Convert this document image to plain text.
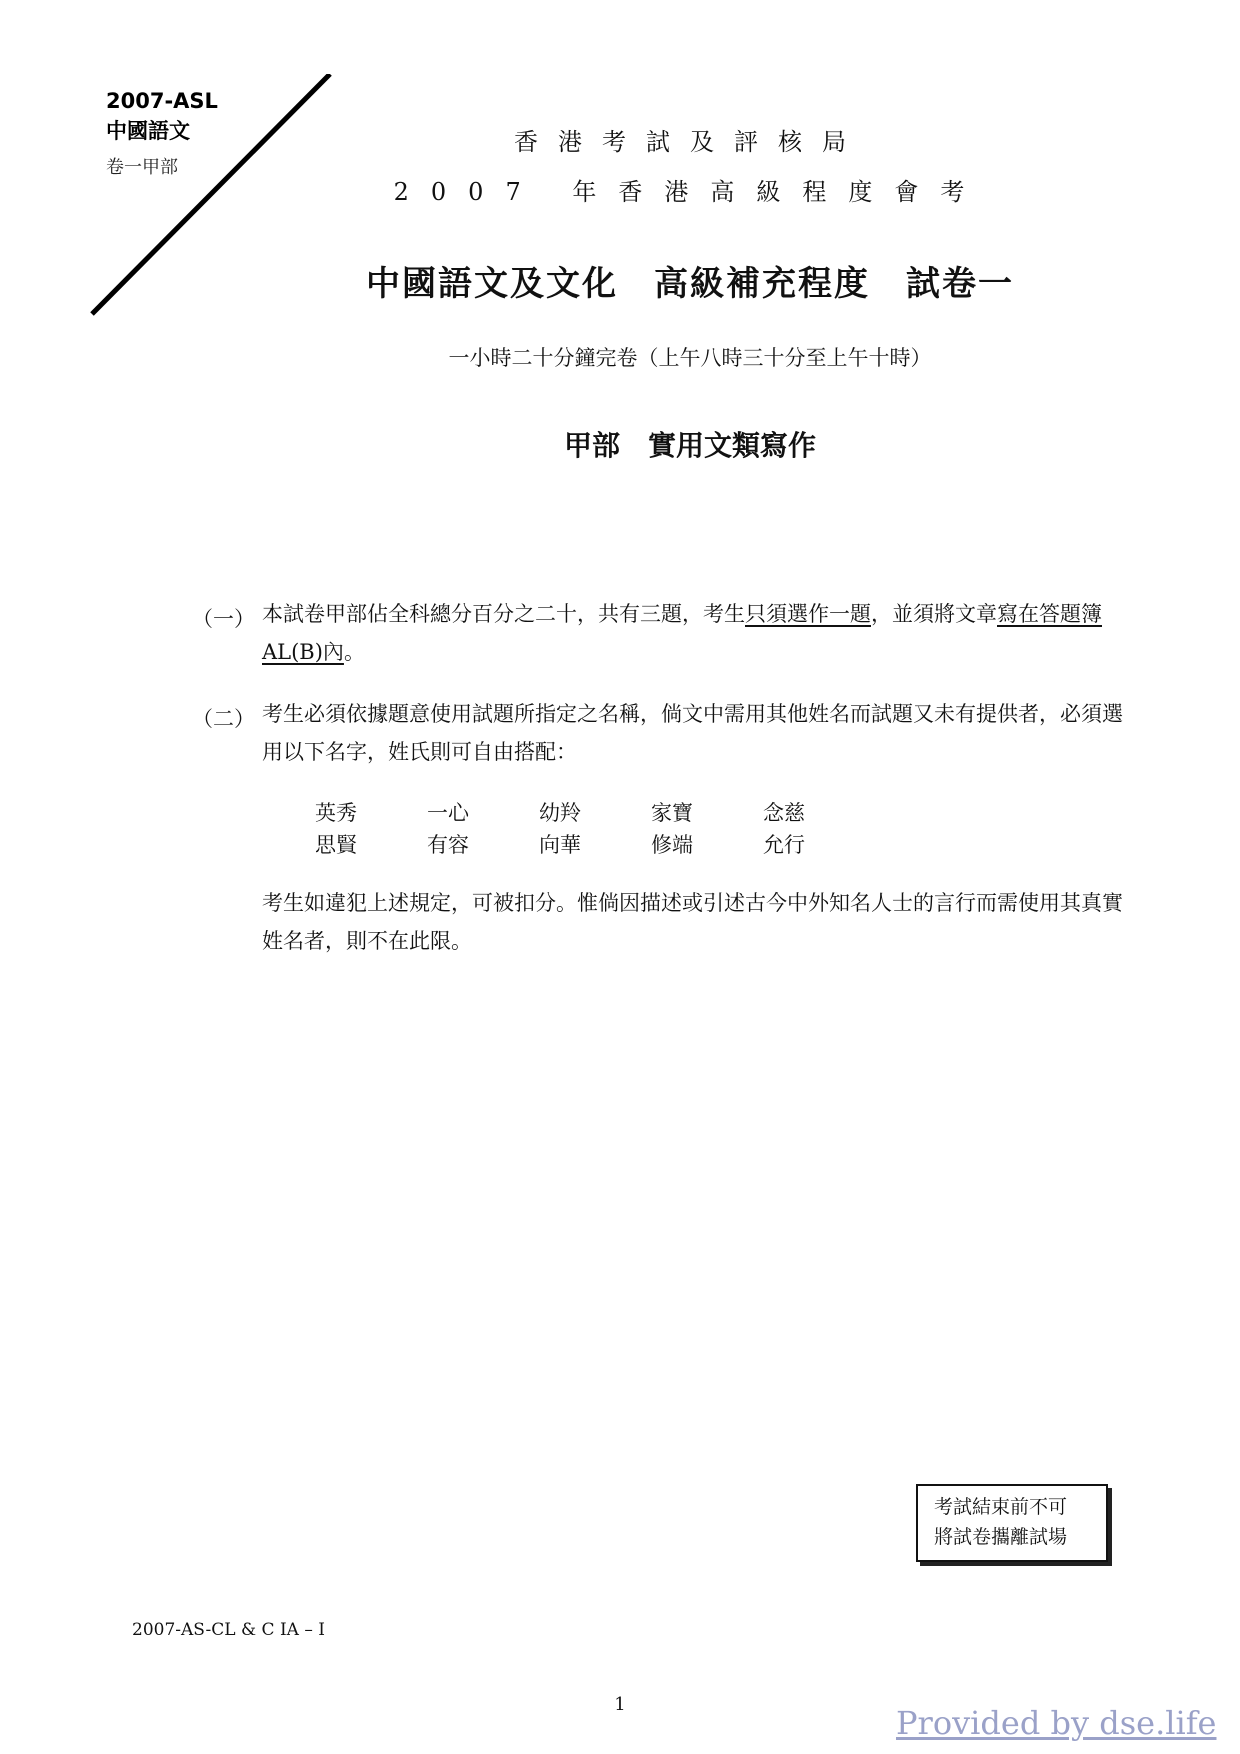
2007-ASL
中國語文
卷一甲部
香港考試及評核局
2007 年香港高級程度會考
中國語文及文化　高級補充程度　試卷一
一小時二十分鐘完卷（上午八時三十分至上午十時）
甲部　實用文類寫作
（一） 本試卷甲部佔全科總分百分之二十，共有三題，考生只須選作一題，並須將文章寫在答題簿AL(B)內。
（二） 考生必須依據題意使用試題所指定之名稱，倘文中需用其他姓名而試題又未有提供者，必須選用以下名字，姓氏則可自由搭配：
英秀	一心	幼羚	家寶	念慈
思賢	有容	向華	修端	允行
考生如違犯上述規定，可被扣分。惟倘因描述或引述古今中外知名人士的言行而需使用其真實姓名者，則不在此限。
考試結束前不可
將試卷攜離試場
2007-AS-CL & C IA – I
1	Provided by dse.life
